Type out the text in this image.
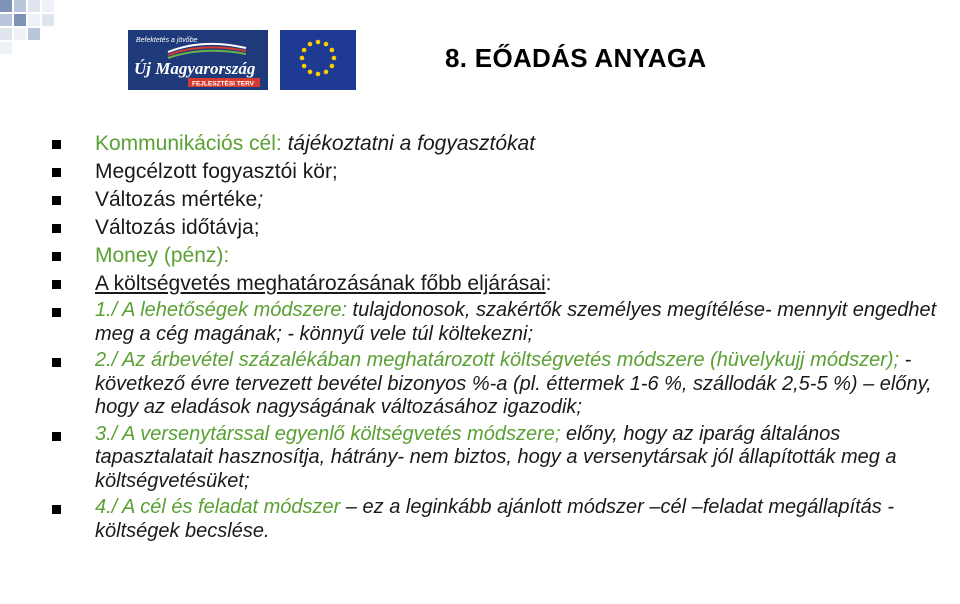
Befektetés a jövőbe
Új Magyarország
FEJLESZTÉSI TERV
8. EŐADÁS ANYAGA
Kommunikációs cél: tájékoztatni a fogyasztókat
Megcélzott fogyasztói kör;
Változás mértéke;
Változás időtávja;
Money (pénz):
A költségvetés meghatározásának főbb eljárásai:
1./ A lehetőségek módszere: tulajdonosok, szakértők személyes megítélése- mennyit engedhet meg a cég magának; - könnyű vele túl költekezni;
2./ Az árbevétel százalékában meghatározott költségvetés módszere (hüvelykujj módszer); - következő évre tervezett bevétel bizonyos %-a (pl. éttermek 1-6 %, szállodák 2,5-5 %) – előny, hogy az eladások nagyságának változásához igazodik;
3./ A versenytárssal egyenlő költségvetés módszere; előny, hogy az iparág általános tapasztalatait hasznosítja, hátrány- nem biztos, hogy a versenytársak jól állapították meg a költségvetésüket;
4./ A cél és feladat módszer – ez a leginkább ajánlott módszer –cél –feladat megállapítás - költségek becslése.
